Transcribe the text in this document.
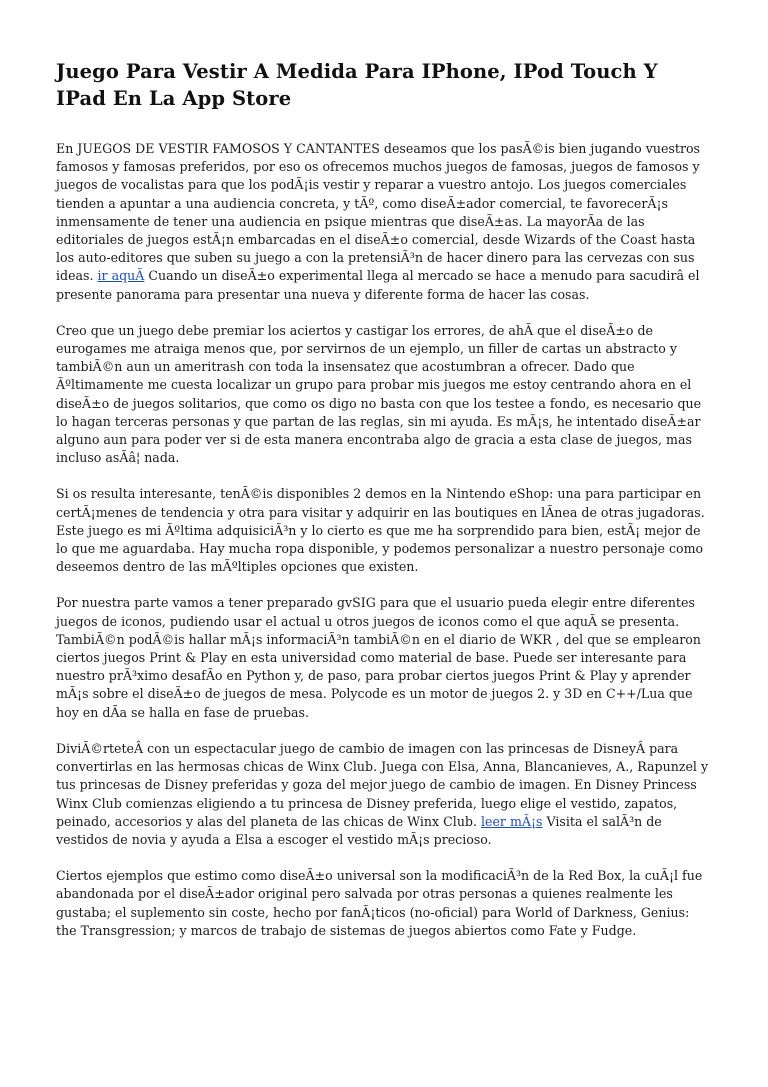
Juego Para Vestir A Medida Para IPhone, IPod Touch Y IPad En La App Store

En JUEGOS DE VESTIR FAMOSOS Y CANTANTES deseamos que los pasÃ©is bien jugando vuestros famosos y famosas preferidos, por eso os ofrecemos muchos juegos de famosas, juegos de famosos y juegos de vocalistas para que los podÃ¡is vestir y reparar a vuestro antojo. Los juegos comerciales tienden a apuntar a una audiencia concreta, y tÃº, como diseÃ±ador comercial, te favorecerÃ¡s inmensamente de tener una audiencia en psique mientras que diseÃ±as. La mayorÃa de las editoriales de juegos estÃ¡n embarcadas en el diseÃ±o comercial, desde Wizards of the Coast hasta los auto-editores que suben su juego a con la pretensiÃ³n de hacer dinero para las cervezas con sus ideas. ir aquÃ Cuando un diseÃ±o experimental llega al mercado se hace a menudo para sacudirâ el presente panorama para presentar una nueva y diferente forma de hacer las cosas.

Creo que un juego debe premiar los aciertos y castigar los errores, de ahÃ que el diseÃ±o de eurogames me atraiga menos que, por servirnos de un ejemplo, un filler de cartas un abstracto y tambiÃ©n aun un ameritrash con toda la insensatez que acostumbran a ofrecer. Dado que Ãºltimamente me cuesta localizar un grupo para probar mis juegos me estoy centrando ahora en el diseÃ±o de juegos solitarios, que como os digo no basta con que los testee a fondo, es necesario que lo hagan terceras personas y que partan de las reglas, sin mi ayuda. Es mÃ¡s, he intentado diseÃ±ar alguno aun para poder ver si de esta manera encontraba algo de gracia a esta clase de juegos, mas incluso asÃâ¦ nada.

Si os resulta interesante, tenÃ©is disponibles 2 demos en la Nintendo eShop: una para participar en certÃ¡menes de tendencia y otra para visitar y adquirir en las boutiques en lÃnea de otras jugadoras. Este juego es mi Ãºltima adquisiciÃ³n y lo cierto es que me ha sorprendido para bien, estÃ¡ mejor de lo que me aguardaba. Hay mucha ropa disponible, y podemos personalizar a nuestro personaje como deseemos dentro de las mÃºltiples opciones que existen.

Por nuestra parte vamos a tener preparado gvSIG para que el usuario pueda elegir entre diferentes juegos de iconos, pudiendo usar el actual u otros juegos de iconos como el que aquÃ se presenta. TambiÃ©n podÃ©is hallar mÃ¡s informaciÃ³n tambiÃ©n en el diario de WKR , del que se emplearon ciertos juegos Print & Play en esta universidad como material de base. Puede ser interesante para nuestro prÃ³ximo desafÃo en Python y, de paso, para probar ciertos juegos Print & Play y aprender mÃ¡s sobre el diseÃ±o de juegos de mesa. Polycode es un motor de juegos 2. y 3D en C++/Lua que hoy en dÃa se halla en fase de pruebas.

DiviÃ©rteteÂ con un espectacular juego de cambio de imagen con las princesas de DisneyÂ para convertirlas en las hermosas chicas de Winx Club. Juega con Elsa, Anna, Blancanieves, A., Rapunzel y tus princesas de Disney preferidas y goza del mejor juego de cambio de imagen. En Disney Princess Winx Club comienzas eligiendo a tu princesa de Disney preferida, luego elige el vestido, zapatos, peinado, accesorios y alas del planeta de las chicas de Winx Club. leer mÃ¡s Visita el salÃ³n de vestidos de novia y ayuda a Elsa a escoger el vestido mÃ¡s precioso.

Ciertos ejemplos que estimo como diseÃ±o universal son la modificaciÃ³n de la Red Box, la cuÃ¡l fue abandonada por el diseÃ±ador original pero salvada por otras personas a quienes realmente les gustaba; el suplemento sin coste, hecho por fanÃ¡ticos (no-oficial) para World of Darkness, Genius: the Transgression; y marcos de trabajo de sistemas de juegos abiertos como Fate y Fudge.
